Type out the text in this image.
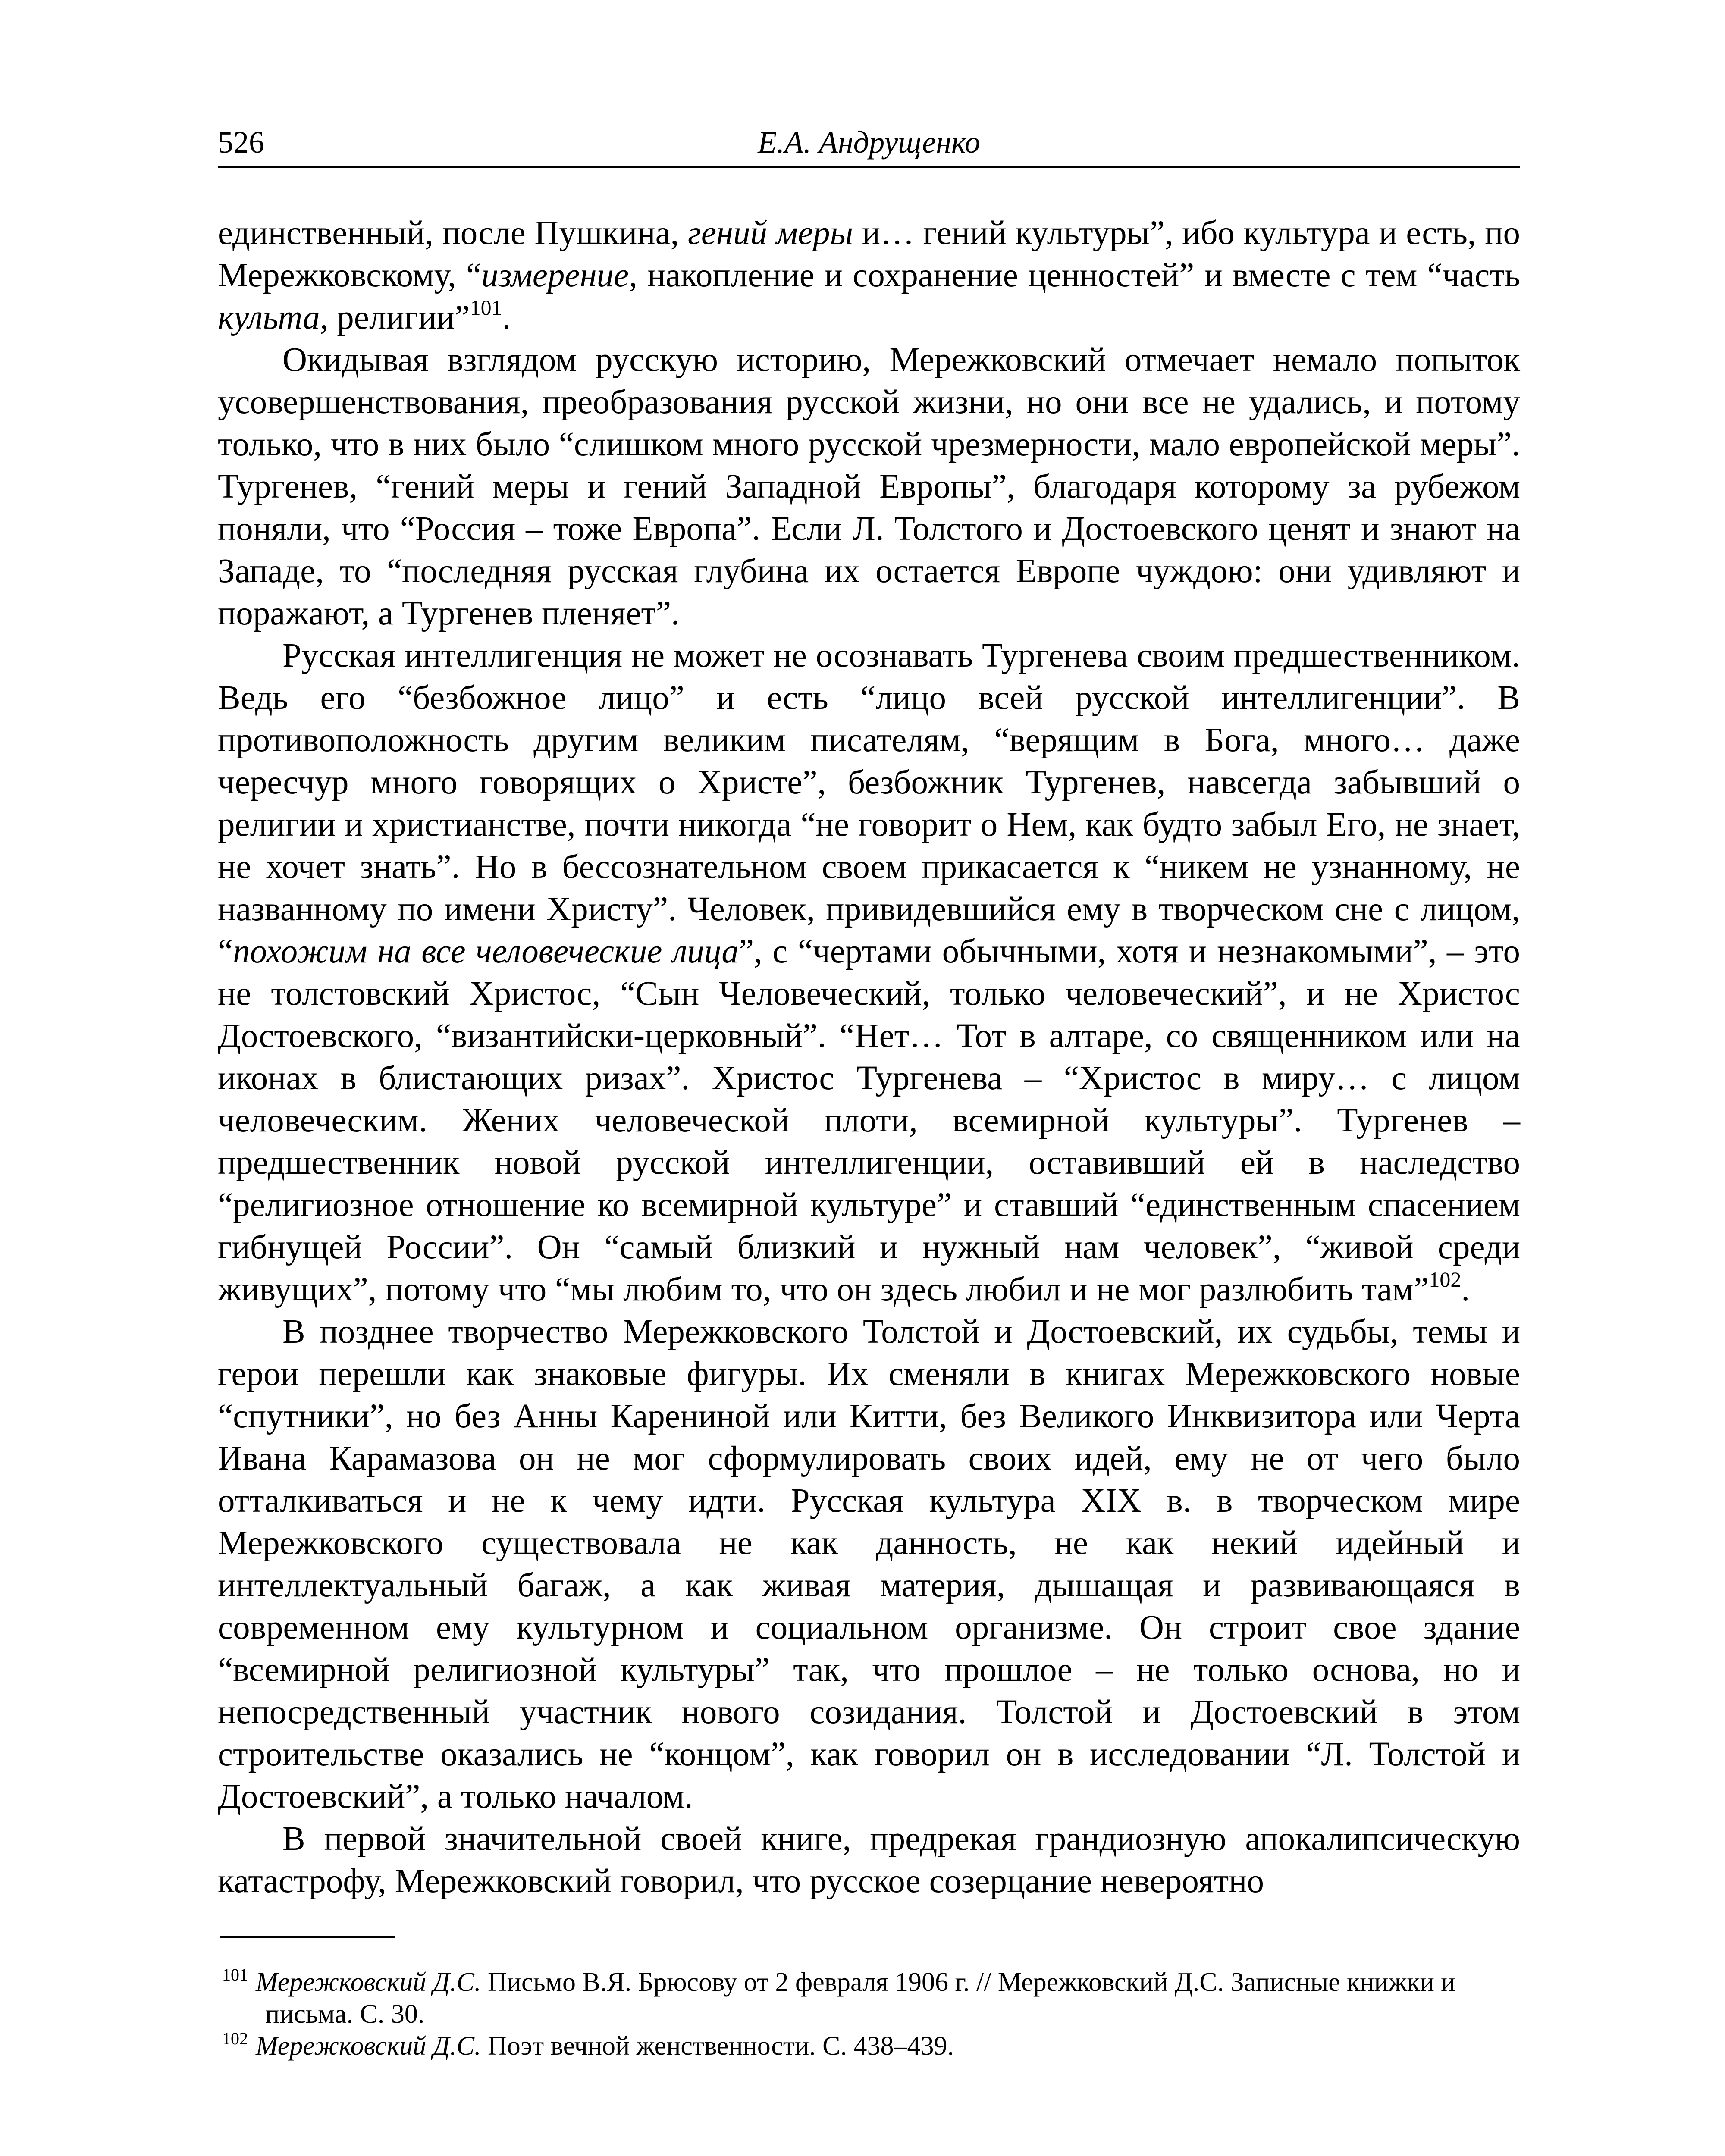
526	Е.А. Андрущенко

единственный, после Пушкина, гений меры и… гений культуры”, ибо культура и есть, по Мережковскому, “измерение, накопление и сохранение ценностей” и вместе с тем “часть культа, религии”$^{101}$.

Окидывая взглядом русскую историю, Мережковский отмечает немало попыток усовершенствования, преобразования русской жизни, но они все не удались, и потому только, что в них было “слишком много русской чрезмерности, мало европейской меры”. Тургенев, “гений меры и гений Западной Европы”, благодаря которому за рубежом поняли, что “Россия – тоже Европа”. Если Л. Толстого и Достоевского ценят и знают на Западе, то “последняя русская глубина их остается Европе чуждою: они удивляют и поражают, а Тургенев пленяет”.

Русская интеллигенция не может не осознавать Тургенева своим предшественником. Ведь его “безбожное лицо” и есть “лицо всей русской интеллигенции”. В противоположность другим великим писателям, “верящим в Бога, много… даже чересчур много говорящих о Христе”, безбожник Тургенев, навсегда забывший о религии и христианстве, почти никогда “не говорит о Нем, как будто забыл Его, не знает, не хочет знать”. Но в бессознательном своем прикасается к “никем не узнанному, не названному по имени Христу”. Человек, привидевшийся ему в творческом сне с лицом, “похожим на все человеческие лица”, с “чертами обычными, хотя и незнакомыми”, – это не толстовский Христос, “Сын Человеческий, только человеческий”, и не Христос Достоевского, “византийски-церковный”. “Нет… Тот в алтаре, со священником или на иконах в блистающих ризах”. Христос Тургенева – “Христос в миру… с лицом человеческим. Жених человеческой плоти, всемирной культуры”. Тургенев – предшественник новой русской интеллигенции, оставивший ей в наследство “религиозное отношение ко всемирной культуре” и ставший “единственным спасением гибнущей России”. Он “самый близкий и нужный нам человек”, “живой среди живущих”, потому что “мы любим то, что он здесь любил и не мог разлюбить там”$^{102}$.

В позднее творчество Мережковского Толстой и Достоевский, их судьбы, темы и герои перешли как знаковые фигуры. Их сменяли в книгах Мережковского новые “спутники”, но без Анны Карениной или Китти, без Великого Инквизитора или Черта Ивана Карамазова он не мог сформулировать своих идей, ему не от чего было отталкиваться и не к чему идти. Русская культура XIX в. в творческом мире Мережковского существовала не как данность, не как некий идейный и интеллектуальный багаж, а как живая материя, дышащая и развивающаяся в современном ему культурном и социальном организме. Он строит свое здание “всемирной религиозной культуры” так, что прошлое – не только основа, но и непосредственный участник нового созидания. Толстой и Достоевский в этом строительстве оказались не “концом”, как говорил он в исследовании “Л. Толстой и Достоевский”, а только началом.

В первой значительной своей книге, предрекая грандиозную апокалипсическую катастрофу, Мережковский говорил, что русское созерцание невероятно

$^{101}$ Мережковский Д.С. Письмо В.Я. Брюсову от 2 февраля 1906 г. // Мережковский Д.С. Записные книжки и письма. С. 30.

$^{102}$ Мережковский Д.С. Поэт вечной женственности. С. 438–439.
